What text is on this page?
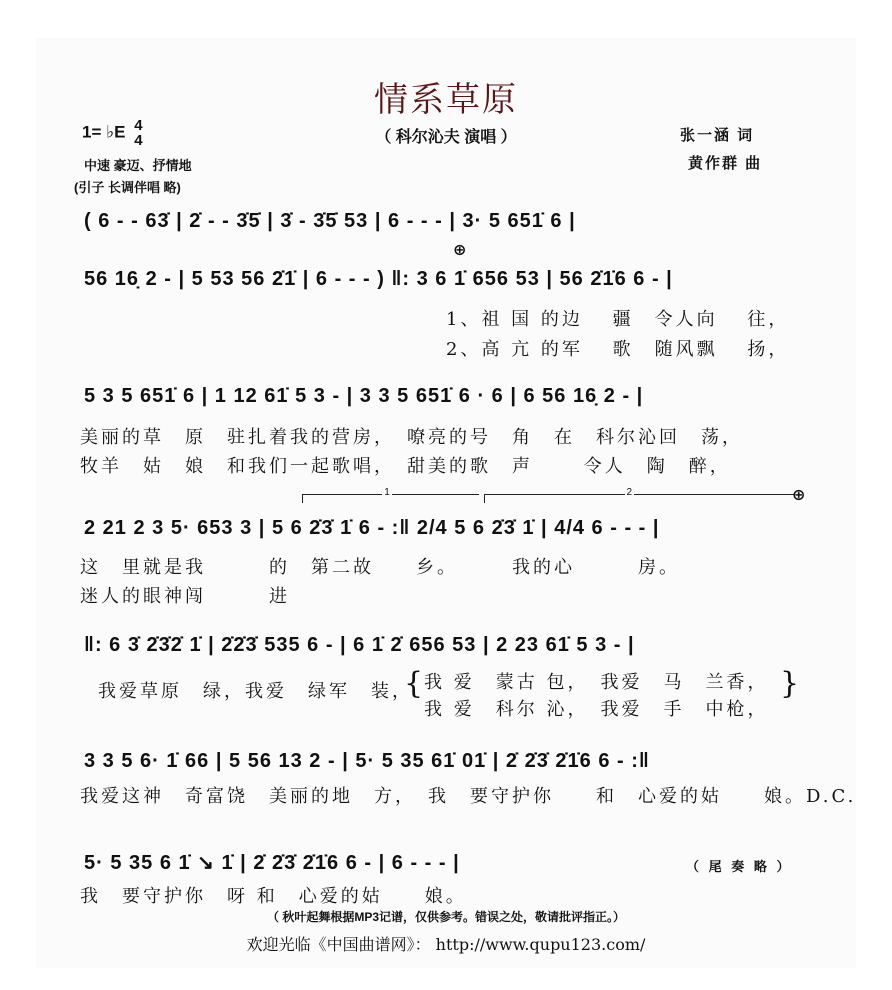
情系草原
（ 科尔沁夫 演唱 ）
1= ♭E 4
4
中速 豪迈、抒情地
(引子 长调伴唱 略)
张一涵 词
黄作群 曲
( 6 - - 63̇ | 2̇ - - 3̇5̇ | 3̇ - 3̇5̇ 53 | 6 - - - | 3· 5 651̇ 6 |
⊕
56 16̣ 2 - | 5 53 56 2̇1̇ | 6 - - - ) ‖: 3 6 1̇ 656 53 | 56 2̇1̇6 6 - |
1、祖 国 的边　 疆　令人向　 往，
2、高 亢 的军　 歌　随风飘　 扬，
5 3 5 651̇ 6 | 1 12 61̇ 5 3 - | 3 3 5 651̇ 6 · 6 | 6 56 16̣ 2 - |
美丽的草　原　驻扎着我的营房，　嘹亮的号　角　在　科尔沁回　荡，
牧羊　姑　娘　和我们一起歌唱，　甜美的歌　声　　 令人　陶　醉，
1	2	⊕
2 21 2 3 5· 653 3 | 5 6 2̇3̇ 1̇ 6 - :‖ 2/4 5 6 2̇3̇ 1̇ | 4/4 6 - - - |
这　里就是我　　　的　第二故　　乡。　　　我的心　　　房。
迷人的眼神闯　　　进
‖: 6 3̇ 2̇3̇2̇ 1̇ | 2̇2̇3̇ 535 6 - | 6 1̇ 2̇ 656 53 | 2 23 61̇ 5 3 - |
我爱草原　绿，我爱　绿军　装，
{ 我 爱　蒙古 包，　我爱　马　兰香，
我 爱　科尔 沁，　我爱　手　中枪，
}
3 3 5 6· 1̇ 66 | 5 56 13 2 - | 5· 5 35 61̇ 01̇ | 2̇ 2̇3̇ 2̇1̇6 6 - :‖
我爱这神　奇富饶　美丽的地　方，　我　要守护你　　和　心爱的姑　　娘。D.C.
5· 5 35 6 1̇ ↘ 1̇ | 2̇ 2̇3̇ 2̇1̇6 6 - | 6 - - - |	（ 尾 奏 略 ）
我　要守护你　呀 和　心爱的姑　　娘。
（ 秋叶起舞根据MP3记谱，仅供参考。错误之处，敬请批评指正。）
欢迎光临《中国曲谱网》： http://www.qupu123.com/
